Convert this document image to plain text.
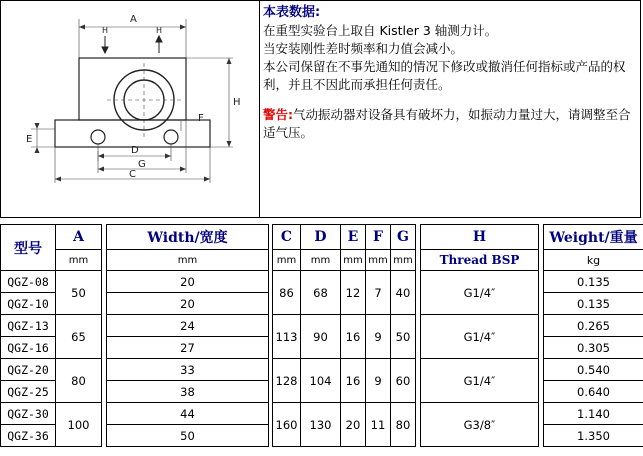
A
H	H
H
E
F
D
G
C

本表数据:

在重型实验台上取自 Kistler 3 轴测力计。

当安装刚性差时频率和力值会减小。

本公司保留在不事先通知的情况下修改或撤消任何指标或产品的权利，并且不因此而承担任何责任。

警告:气动振动器对设备具有破坏力，如振动力量过大，请调整至合适气压。

型号	A		Width/宽度		C	D	E	F	G		H		Weight/重量
	mm		mm		mm	mm	mm	mm	mm		Thread BSP		kg
QGZ-08	50		20		86	68	12	7	40		G1/4″		0.135
QGZ-10			20										0.135
QGZ-13	65		24		113	90	16	9	50		G1/4″		0.265
QGZ-16			27										0.305
QGZ-20	80		33		128	104	16	9	60		G1/4″		0.540
QGZ-25			38										0.640
QGZ-30	100		44		160	130	20	11	80		G3/8″		1.140
QGZ-36			50										1.350
